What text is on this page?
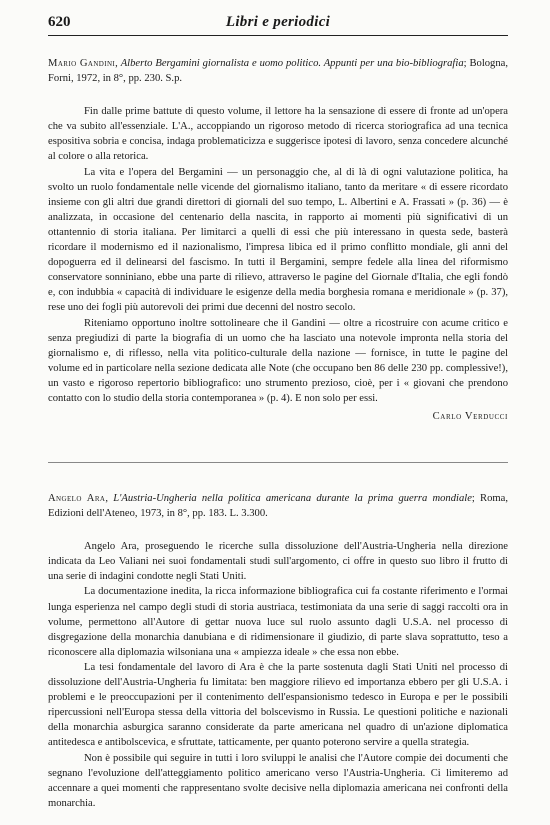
620	Libri e periodici

Mario Gandini, Alberto Bergamini giornalista e uomo politico. Appunti per una bio-bibliografia; Bologna, Forni, 1972, in 8°, pp. 230. S.p.

Fin dalle prime battute di questo volume, il lettore ha la sensazione di essere di fronte ad un'opera che va subito all'essenziale. L'A., accoppiando un rigoroso metodo di ricerca storiografica ad una tecnica espositiva sobria e concisa, indaga problematicizza e suggerisce ipotesi di lavoro, senza concedere alcunché al colore o alla retorica.

La vita e l'opera del Bergamini — un personaggio che, al di là di ogni valutazione politica, ha svolto un ruolo fondamentale nelle vicende del giornalismo italiano, tanto da meritare « di essere ricordato insieme con gli altri due grandi direttori di giornali del suo tempo, L. Albertini e A. Frassati » (p. 36) — è analizzata, in occasione del centenario della nascita, in rapporto ai momenti più significativi di un ottantennio di storia italiana. Per limitarci a quelli di essi che più interessano in questa sede, basterà ricordare il modernismo ed il nazionalismo, l'impresa libica ed il primo conflitto mondiale, gli anni del dopoguerra ed il delinearsi del fascismo. In tutti il Bergamini, sempre fedele alla linea del riformismo conservatore sonniniano, ebbe una parte di rilievo, attraverso le pagine del Giornale d'Italia, che egli fondò e, con indubbia « capacità di individuare le esigenze della media borghesia romana e meridionale » (p. 37), rese uno dei fogli più autorevoli dei primi due decenni del nostro secolo.

Riteniamo opportuno inoltre sottolineare che il Gandini — oltre a ricostruire con acume critico e senza pregiudizi di parte la biografia di un uomo che ha lasciato una notevole impronta nella storia del giornalismo e, di riflesso, nella vita politico-culturale della nazione — fornisce, in tutte le pagine del volume ed in particolare nella sezione dedicata alle Note (che occupano ben 86 delle 230 pp. complessive!), un vasto e rigoroso repertorio bibliografico: uno strumento prezioso, cioè, per i « giovani che prendono contatto con lo studio della storia contemporanea » (p. 4). E non solo per essi.

Carlo Verducci

Angelo Ara, L'Austria-Ungheria nella politica americana durante la prima guerra mondiale; Roma, Edizioni dell'Ateneo, 1973, in 8°, pp. 183. L. 3.300.

Angelo Ara, proseguendo le ricerche sulla dissoluzione dell'Austria-Ungheria nella direzione indicata da Leo Valiani nei suoi fondamentali studi sull'argomento, ci offre in questo suo libro il frutto di una serie di indagini condotte negli Stati Uniti.

La documentazione inedita, la ricca informazione bibliografica cui fa costante riferimento e l'ormai lunga esperienza nel campo degli studi di storia austriaca, testimoniata da una serie di saggi raccolti ora in volume, permettono all'Autore di gettar nuova luce sul ruolo assunto dagli U.S.A. nel processo di disgregazione della monarchia danubiana e di ridimensionare il giudizio, di parte slava soprattutto, teso a riconoscere alla diplomazia wilsoniana una « ampiezza ideale » che essa non ebbe.

La tesi fondamentale del lavoro di Ara è che la parte sostenuta dagli Stati Uniti nel processo di dissoluzione dell'Austria-Ungheria fu limitata: ben maggiore rilievo ed importanza ebbero per gli U.S.A. i problemi e le preoccupazioni per il contenimento dell'espansionismo tedesco in Europa e per le possibili ripercussioni nell'Europa stessa della vittoria del bolscevismo in Russia. Le questioni politiche e nazionali della monarchia asburgica saranno considerate da parte americana nel quadro di un'azione diplomatica antitedesca e antibolscevica, e sfruttate, tatticamente, per quanto poterono servire a quella strategia.

Non è possibile qui seguire in tutti i loro sviluppi le analisi che l'Autore compie dei documenti che segnano l'evoluzione dell'atteggiamento politico americano verso l'Austria-Ungheria. Ci limiteremo ad accennare a quei momenti che rappresentano svolte decisive nella diplomazia americana nei confronti della monarchia.
